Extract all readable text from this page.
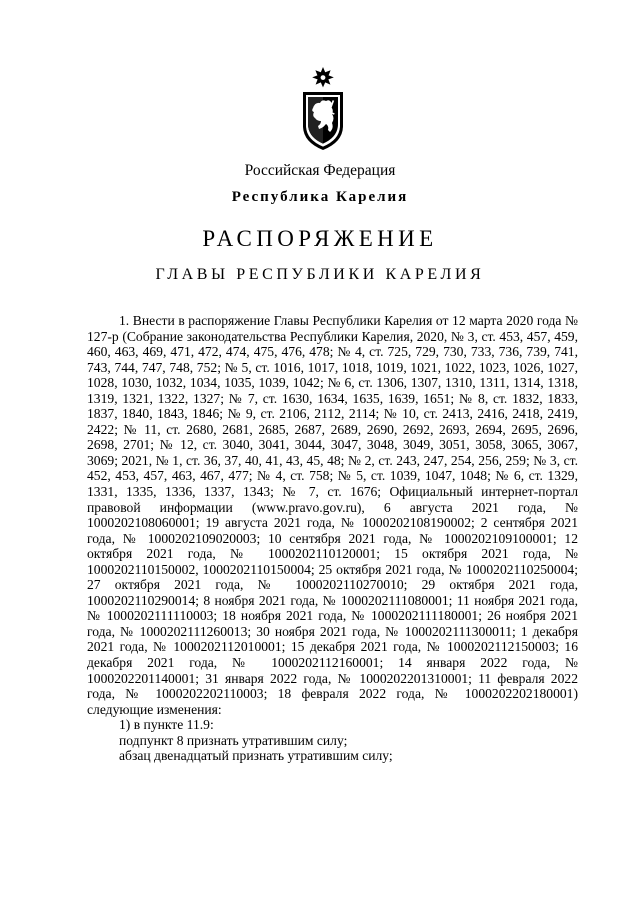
Российская Федерация
Республика Карелия
РАСПОРЯЖЕНИЕ
ГЛАВЫ РЕСПУБЛИКИ КАРЕЛИЯ

1. Внести в распоряжение Главы Республики Карелия от 12 марта 2020 года № 127-р (Собрание законодательства Республики Карелия, 2020, № 3, ст. 453, 457, 459, 460, 463, 469, 471, 472, 474, 475, 476, 478; № 4, ст. 725, 729, 730, 733, 736, 739, 741, 743, 744, 747, 748, 752; № 5, ст. 1016, 1017, 1018, 1019, 1021, 1022, 1023, 1026, 1027, 1028, 1030, 1032, 1034, 1035, 1039, 1042; № 6, ст. 1306, 1307, 1310, 1311, 1314, 1318, 1319, 1321, 1322, 1327; № 7, ст. 1630, 1634, 1635, 1639, 1651; № 8, ст. 1832, 1833, 1837, 1840, 1843, 1846; № 9, ст. 2106, 2112, 2114; № 10, ст. 2413, 2416, 2418, 2419, 2422; № 11, ст. 2680, 2681, 2685, 2687, 2689, 2690, 2692, 2693, 2694, 2695, 2696, 2698, 2701; № 12, ст. 3040, 3041, 3044, 3047, 3048, 3049, 3051, 3058, 3065, 3067, 3069; 2021, № 1, ст. 36, 37, 40, 41, 43, 45, 48; № 2, ст. 243, 247, 254, 256, 259; № 3, ст. 452, 453, 457, 463, 467, 477; № 4, ст. 758; № 5, ст. 1039, 1047, 1048; № 6, ст. 1329, 1331, 1335, 1336, 1337, 1343; № 7, ст. 1676; Официальный интернет-портал правовой информации (www.pravo.gov.ru), 6 августа 2021 года, № 1000202108060001; 19 августа 2021 года, № 1000202108190002; 2 сентября 2021 года, № 1000202109020003; 10 сентября 2021 года, № 1000202109100001; 12 октября 2021 года, № 1000202110120001; 15 октября 2021 года, № 1000202110150002, 1000202110150004; 25 октября 2021 года, № 1000202110250004; 27 октября 2021 года, № 1000202110270010; 29 октября 2021 года, 1000202110290014; 8 ноября 2021 года, № 1000202111080001; 11 ноября 2021 года, № 1000202111110003; 18 ноября 2021 года, № 1000202111180001; 26 ноября 2021 года, № 1000202111260013; 30 ноября 2021 года, № 1000202111300011; 1 декабря 2021 года, № 1000202112010001; 15 декабря 2021 года, № 1000202112150003; 16 декабря 2021 года, № 1000202112160001; 14 января 2022 года, № 1000202201140001; 31 января 2022 года, № 1000202201310001; 11 февраля 2022 года, № 1000202202110003; 18 февраля 2022 года, № 1000202202180001) следующие изменения:

1) в пункте 11.9:

подпункт 8 признать утратившим силу;

абзац двенадцатый признать утратившим силу;
